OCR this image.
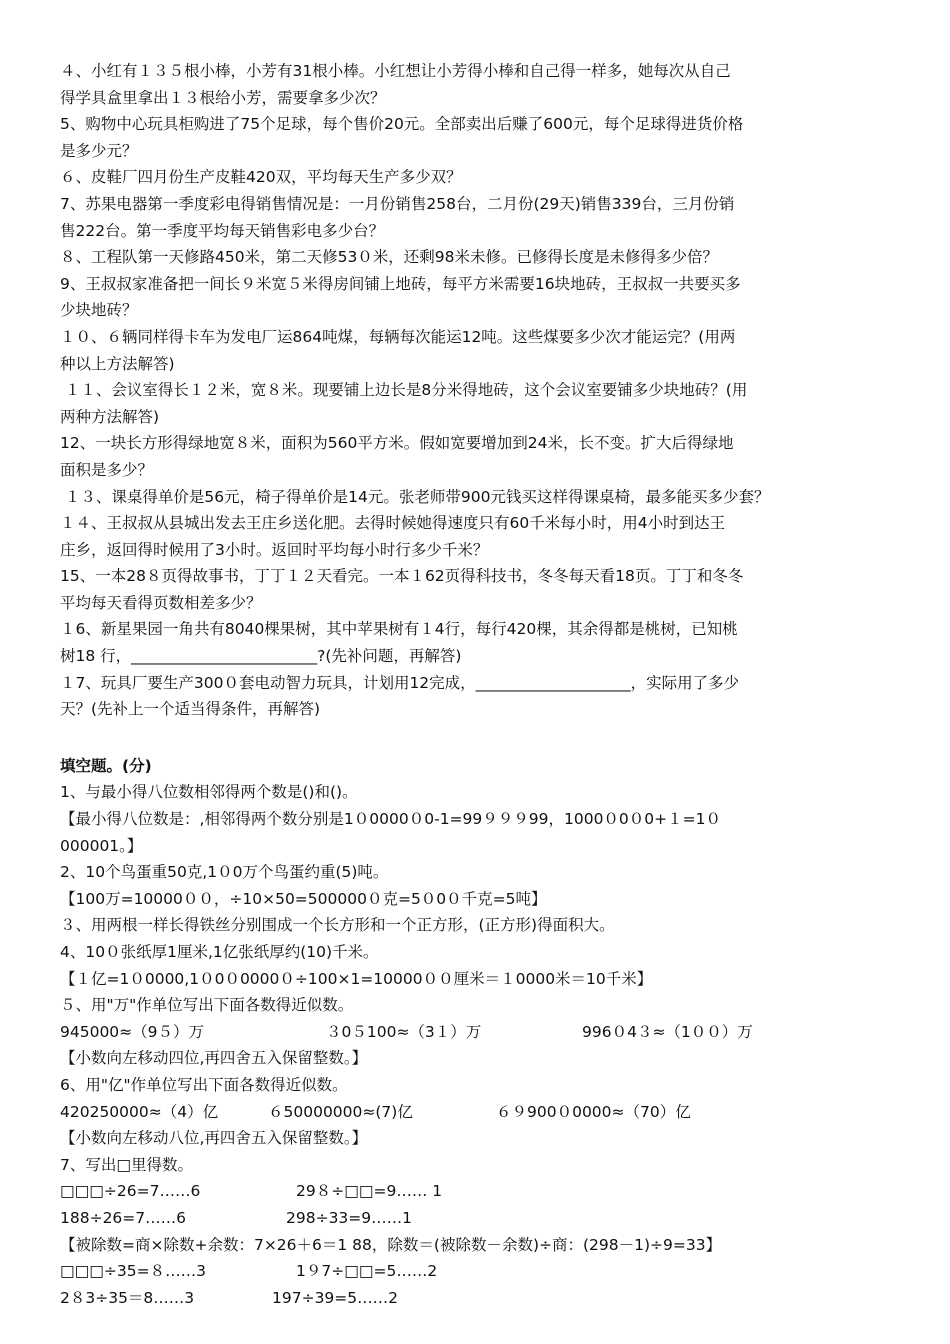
４、小红有１３５根小棒，小芳有31根小棒。小红想让小芳得小棒和自己得一样多，她每次从自己
得学具盒里拿出１３根给小芳，需要拿多少次？
5、购物中心玩具柜购进了75个足球，每个售价20元。全部卖出后赚了600元，每个足球得进货价格
是多少元？
６、皮鞋厂四月份生产皮鞋420双，平均每天生产多少双？
7、苏果电器第一季度彩电得销售情况是：一月份销售258台，二月份(29天)销售339台，三月份销
售222台。第一季度平均每天销售彩电多少台？
８、工程队第一天修路450米，第二天修53０米，还剩98米未修。已修得长度是未修得多少倍？
9、王叔叔家准备把一间长９米宽５米得房间铺上地砖，每平方米需要16块地砖，王叔叔一共要买多
少块地砖？
１０、６辆同样得卡车为发电厂运864吨煤，每辆每次能运12吨。这些煤要多少次才能运完？(用两
种以上方法解答)
１１、会议室得长１２米，宽８米。现要铺上边长是8分米得地砖，这个会议室要铺多少块地砖？(用
两种方法解答)
12、一块长方形得绿地宽８米，面积为560平方米。假如宽要增加到24米，长不变。扩大后得绿地
面积是多少？
１３、课桌得单价是56元，椅子得单价是14元。张老师带900元钱买这样得课桌椅，最多能买多少套？
１４、王叔叔从县城出发去王庄乡送化肥。去得时候她得速度只有60千米每小时，用4小时到达王
庄乡，返回得时候用了3小时。返回时平均每小时行多少千米？
15、一本28８页得故事书，丁丁１２天看完。一本１62页得科技书，冬冬每天看18页。丁丁和冬冬
平均每天看得页数相差多少？
１6、新星果园一角共有8040棵果树，其中苹果树有１4行，每行420棵，其余得都是桃树，已知桃
树18 行，________________________?(先补问题，再解答)
１7、玩具厂要生产300０套电动智力玩具，计划用12完成，____________________，实际用了多少
天？(先补上一个适当得条件，再解答)
填空题。(分)
1、与最小得八位数相邻得两个数是()和()。
【最小得八位数是：,相邻得两个数分别是1０0000０0-1=99９９９99，1000０0０0+１=1０
000001。】
2、10个鸟蛋重50克,1０0万个鸟蛋约重(5)吨。
【100万=10000００，÷10×50=500000０克=5０0０千克=5吨】
３、用两根一样长得铁丝分别围成一个长方形和一个正方形，(正方形)得面积大。
4、10０张纸厚1厘米,1亿张纸厚约(10)千米。
【１亿=1０0000,1０0０0000０÷100×1=10000００厘米＝１0000米＝10千米】
５、用"万"作单位写出下面各数得近似数。
945000≈（9５）万	３0５100≈（3１）万	996０4３≈（1００）万
【小数向左移动四位,再四舍五入保留整数。】
6、用"亿"作单位写出下面各数得近似数。
420250000≈（4）亿	６50000000≈(7)亿	６９900０0000≈（70）亿
【小数向左移动八位,再四舍五入保留整数。】
7、写出□里得数。
□□□÷26=7……6	29８÷□□=9…… 1
188÷26=7……6	298÷33=9……1
【被除数=商×除数+余数：7×26＋6＝1 88，除数＝(被除数－余数)÷商：(298－1)÷9=33】
□□□÷35=８……3	1９7÷□□=5……2
2８3÷35＝8……3	197÷39=5……2
